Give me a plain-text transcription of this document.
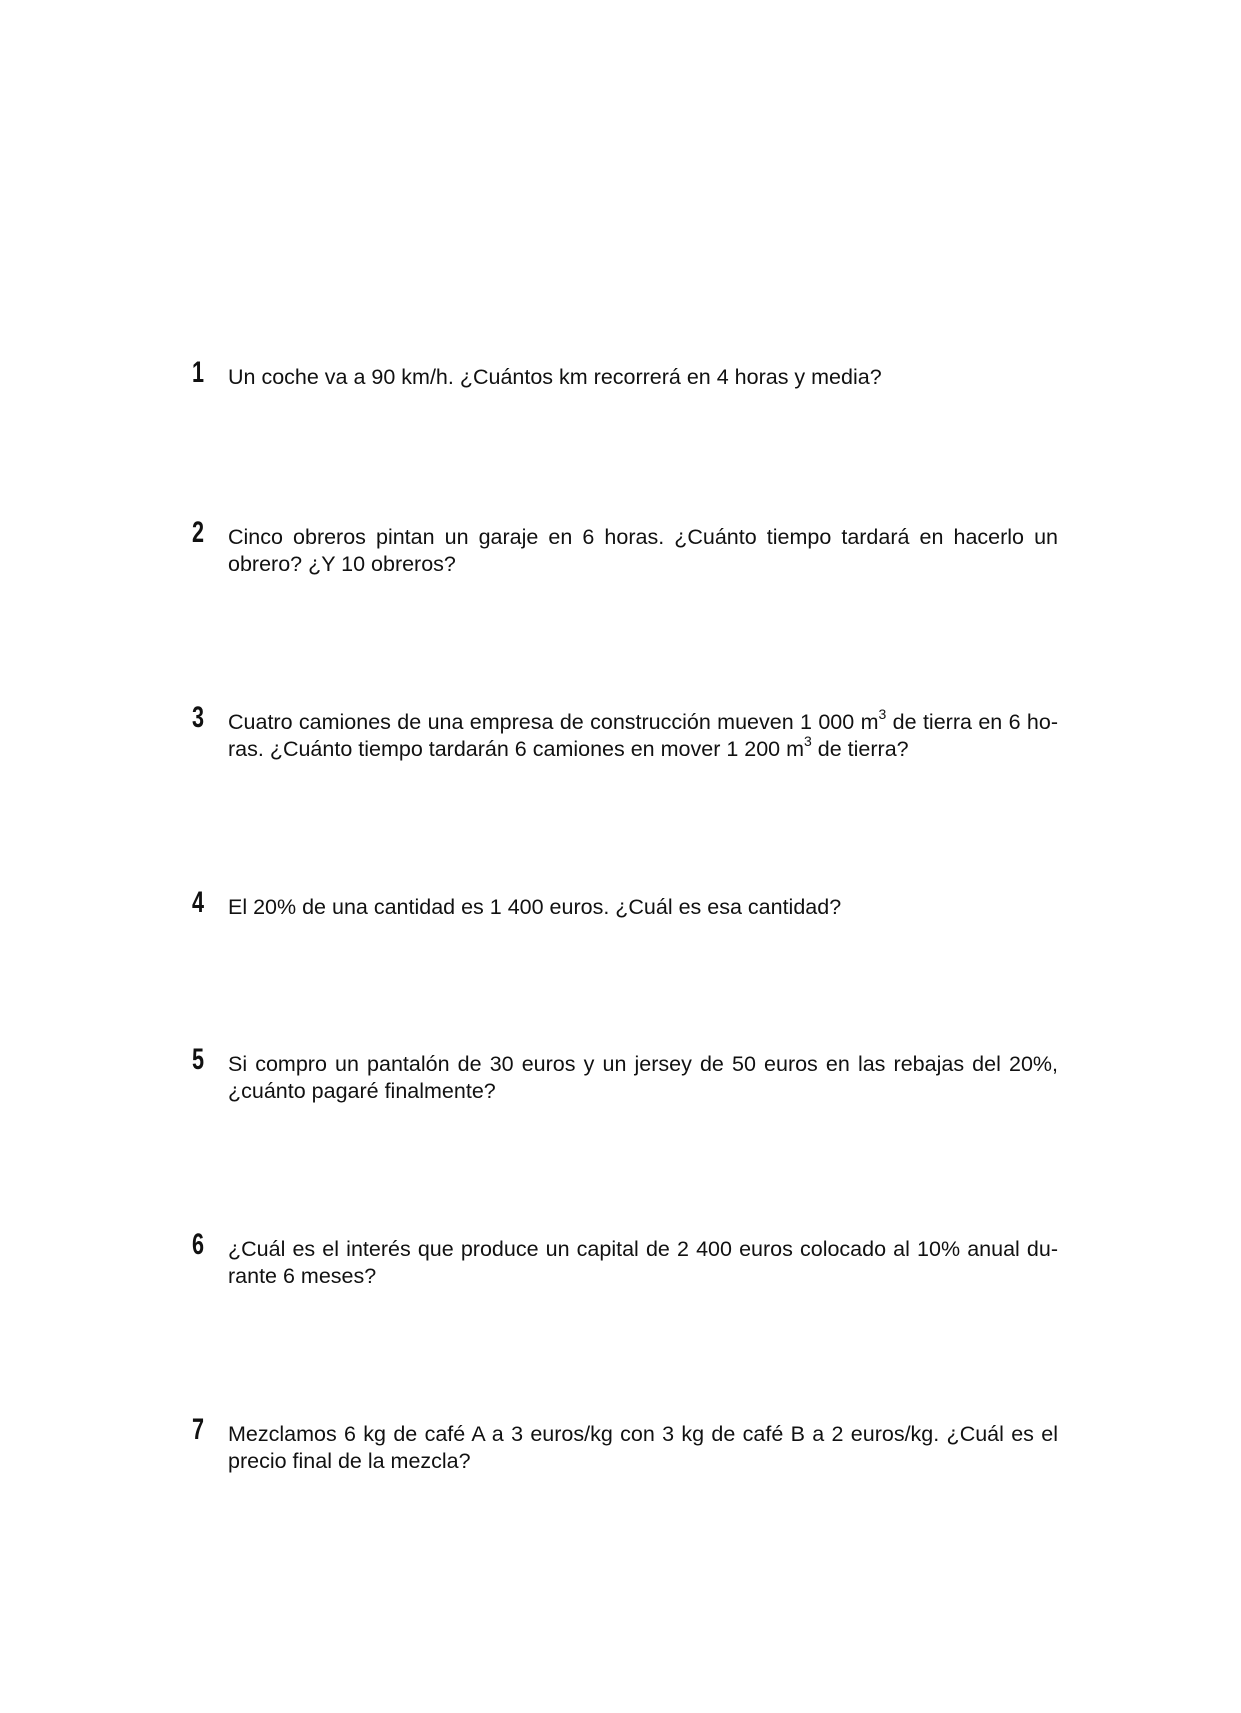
1 Un coche va a 90 km/h. ¿Cuántos km recorrerá en 4 horas y media?
2 Cinco obreros pintan un garaje en 6 horas. ¿Cuánto tiempo tardará en hacerlo un
obrero? ¿Y 10 obreros?
3 Cuatro camiones de una empresa de construcción mueven 1 000 $m^3$ de tierra en 6 ho-
ras. ¿Cuánto tiempo tardarán 6 camiones en mover 1 200 $m^3$ de tierra?
4 El 20% de una cantidad es 1 400 euros. ¿Cuál es esa cantidad?
5 Si compro un pantalón de 30 euros y un jersey de 50 euros en las rebajas del 20%,
¿cuánto pagaré finalmente?
6 ¿Cuál es el interés que produce un capital de 2 400 euros colocado al 10% anual du-
rante 6 meses?
7 Mezclamos 6 kg de café A a 3 euros/kg con 3 kg de café B a 2 euros/kg. ¿Cuál es el
precio final de la mezcla?
